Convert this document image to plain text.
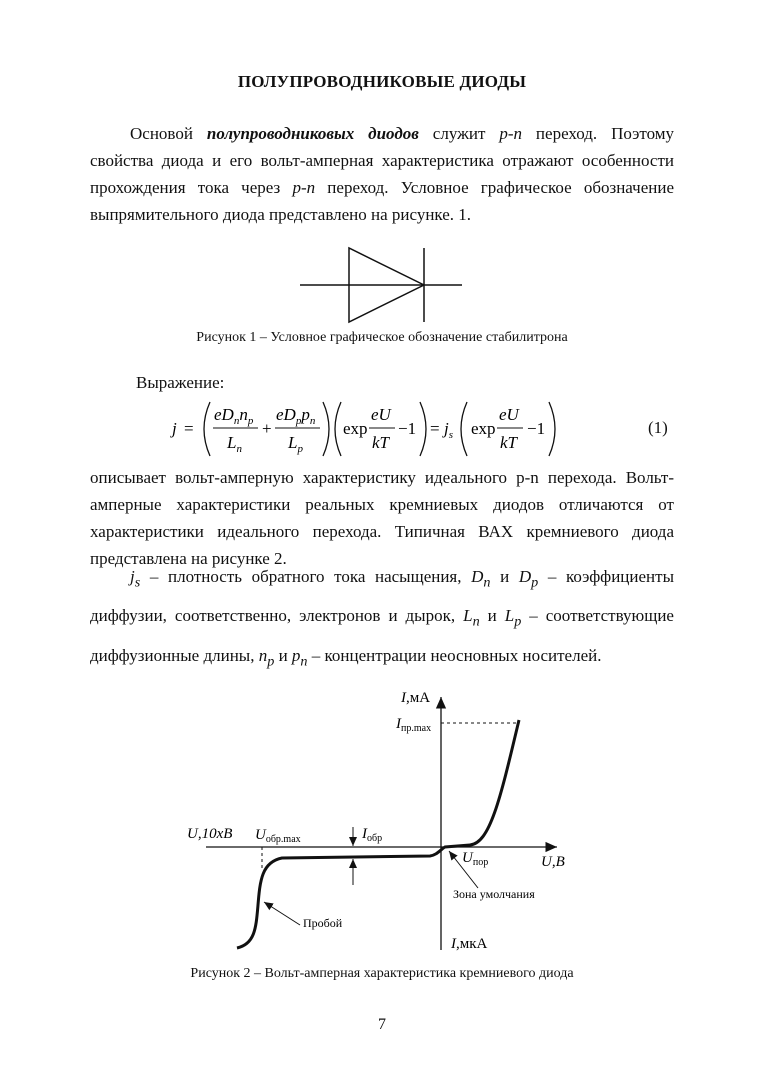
ПОЛУПРОВОДНИКОВЫЕ ДИОДЫ
Основой полупроводниковых диодов служит p-n переход. Поэтому свойства диода и его вольт-амперная характеристика отражают особенности прохождения тока через p-n переход. Условное графическое обозначение выпрямительного диода представлено на рисунке. 1.
Рисунок 1 – Условное графическое обозначение стабилитрона
Выражение:
j =
$eD_nn_p$
$L_n$
+
$eD_pp_n$
$L_p$
exp
eU
kT
$-1 = j_s$ exp
eU
kT
−1	(1)
описывает вольт-амперную характеристику идеального p-n перехода. Вольт-амперные характеристики реальных кремниевых диодов отличаются от характеристики идеального перехода. Типичная ВАХ кремниевого диода представлена на рисунке 2.
$j_s$ – плотность обратного тока насыщения, $D_n$ и $D_p$ – коэффициенты диффузии, соответственно, электронов и дырок, $L_n$ и $L_p$ – соответствующие диффузионные длины, $n_p$ и $p_n$ – концентрации неосновных носителей.
I,мА
$I_{пр.max}$
U,10xB $U_{обр.max}$	$I_{обр}$
$U_{пор}$	U,B
Зона умолчания
Пробой
I,мкА
Рисунок 2 – Вольт-амперная характеристика кремниевого диода
7
